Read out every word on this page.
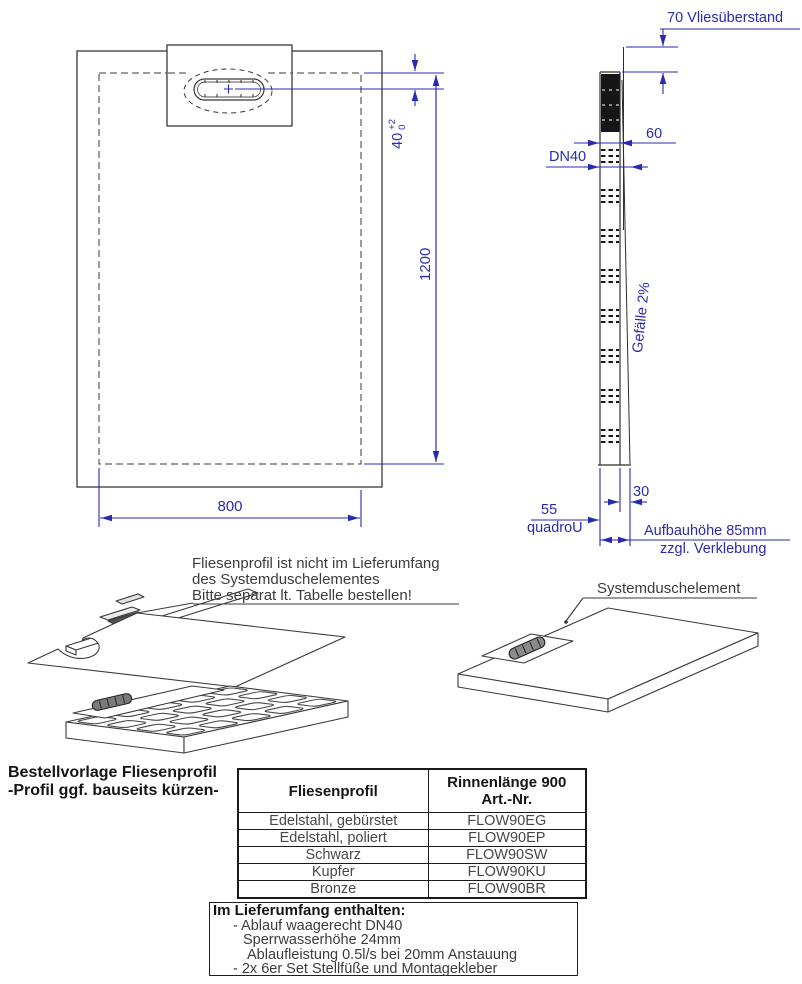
70 Vliesüberstand
60
DN40
Gefälle 2%
30
55
quadroU	Aufbauhöhe 85mm
zzgl. Verklebung
800
1200
40
+2
0
Fliesenprofil ist nicht im Lieferumfang
des Systemduschelementes
Bitte separat lt. Tabelle bestellen!	Systemduschelement
Bestellvorlage Fliesenprofil
-Profil ggf. bauseits kürzen-	Fliesenprofil	Rinnenlänge 900
Art.-Nr.

Edelstahl, gebürstet	FLOW90EG
Edelstahl, poliert	FLOW90EP
Schwarz	FLOW90SW
Kupfer	FLOW90KU
Bronze	FLOW90BR
Im Lieferumfang enthalten:
- Ablauf waagerecht DN40
Sperrwasserhöhe 24mm
Ablaufleistung 0.5l/s bei 20mm Anstauung
- 2x 6er Set Stellfüße und Montagekleber
